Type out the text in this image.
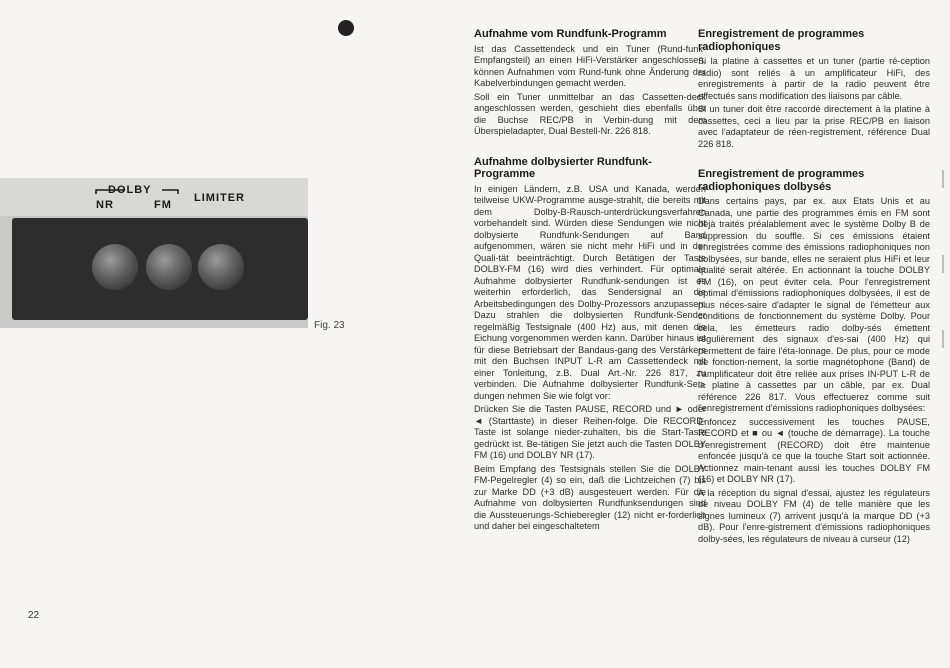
DOLBY
NR	FM
LIMITER
Fig. 23
Aufnahme vom Rundfunk-Programm

Ist das Cassettendeck und ein Tuner (Rund-funk-Empfangsteil) an einen HiFi-Verstärker angeschlossen, können Aufnahmen vom Rund-funk ohne Änderung der Kabelverbindungen gemacht werden.

Soll ein Tuner unmittelbar an das Cassetten-deck angeschlossen werden, geschieht dies ebenfalls über die Buchse REC/PB in Verbin-dung mit dem Überspieladapter, Dual Bestell-Nr. 226 818.

Aufnahme dolbysierter Rundfunk-Programme

In einigen Ländern, z.B. USA und Kanada, werden teilweise UKW-Programme ausge-strahlt, die bereits mit dem Dolby-B-Rausch-unterdrückungsverfahren vorbehandelt sind. Würden diese Sendungen wie nicht dolbysierte Rundfunk-Sendungen auf Band aufgenommen, wären sie nicht mehr HiFi und in der Quali-tät beeinträchtigt. Durch Betätigen der Taste DOLBY-FM (16) wird dies verhindert. Für optimale Aufnahme dolbysierter Rundfunk-sendungen ist es weiterhin erforderlich, das Sendersignal an die Arbeitsbedingungen des Dolby-Prozessors anzupassen. Dazu strahlen die dolbysierten Rundfunk-Sender regelmäßig Testsignale (400 Hz) aus, mit denen die Eichung vorgenommen werden kann. Darüber hinaus ist für diese Betriebsart der Bandaus-gang des Verstärkers mit den Buchsen INPUT L-R am Cassettendeck mit einer Tonleitung, z.B. Dual Art.-Nr. 226 817, zu verbinden. Die Aufnahme dolbysierter Rundfunk-Sen-dungen nehmen Sie wie folgt vor:

Drücken Sie die Tasten PAUSE, RECORD und ► oder ◄ (Starttaste) in dieser Reihen-folge. Die RECORD-Taste ist solange nieder-zuhalten, bis die Start-Taste gedrückt ist. Be-tätigen Sie jetzt auch die Tasten DOLBY FM (16) und DOLBY NR (17).

Beim Empfang des Testsignals stellen Sie die DOLBY FM-Pegelregler (4) so ein, daß die Lichtzeichen (7) bis zur Marke DD (+3 dB) ausgesteuert werden. Für die Aufnahme von dolbysierten Rundfunksendungen sind die Aussteuerungs-Schieberegler (12) nicht er-forderlich und daher bei eingeschaltetem

Enregistrement de programmes radiophoniques

Si la platine à cassettes et un tuner (partie ré-ception radio) sont reliés à un amplificateur HiFi, des enregistrements à partir de la radio peuvent être effectués sans modification des liaisons par câble.

Si un tuner doit être raccordé directement à la platine à cassettes, ceci a lieu par la prise REC/PB en liaison avec l'adaptateur de réen-registrement, référence Dual 226 818.

Enregistrement de programmes radiophoniques dolbysés

Dans certains pays, par ex. aux Etats Unis et au Canada, une partie des programmes émis en FM sont déjà traités préalablement avec le système Dolby B de suppression du souffle. Si ces émissions étaient enregistrées comme des émissions radiophoniques non dolbysées, sur bande, elles ne seraient plus HiFi et leur qualité serait altérée. En actionnant la touche DOLBY FM (16), on peut éviter cela. Pour l'enregistrement optimal d'émissions radiophoniques dolbysées, il est de plus néces-saire d'adapter le signal de l'émetteur aux conditions de fonctionnement du système Dolby. Pour cela, les émetteurs radio dolby-sés émettent régulièrement des signaux d'es-sai (400 Hz) qui permettent de faire l'éta-lonnage. De plus, pour ce mode de fonction-nement, la sortie magnétophone (Band) de l'amplificateur doit être reliée aux prises IN-PUT L-R de la platine à cassettes par un câble, par ex. Dual référence 226 817. Vous effectuerez comme suit l'enregistrement d'émissions radiophoniques dolbysées:

Enfoncez successivement les touches PAUSE, RECORD et ■ ou ◄ (touche de démarrage). La touche d'enregistrement (RECORD) doit être maintenue enfoncée jusqu'à ce que la touche Start soit actionnée. Actionnez main-tenant aussi les touches DOLBY FM (16) et DOLBY NR (17).

A la réception du signal d'essai, ajustez les régulateurs de niveau DOLBY FM (4) de telle manière que les signes lumineux (7) arrivent jusqu'à la marque DD (+3 dB). Pour l'enre-gistrement d'émissions radiophoniques dolby-sées, les régulateurs de niveau à curseur (12)

22
